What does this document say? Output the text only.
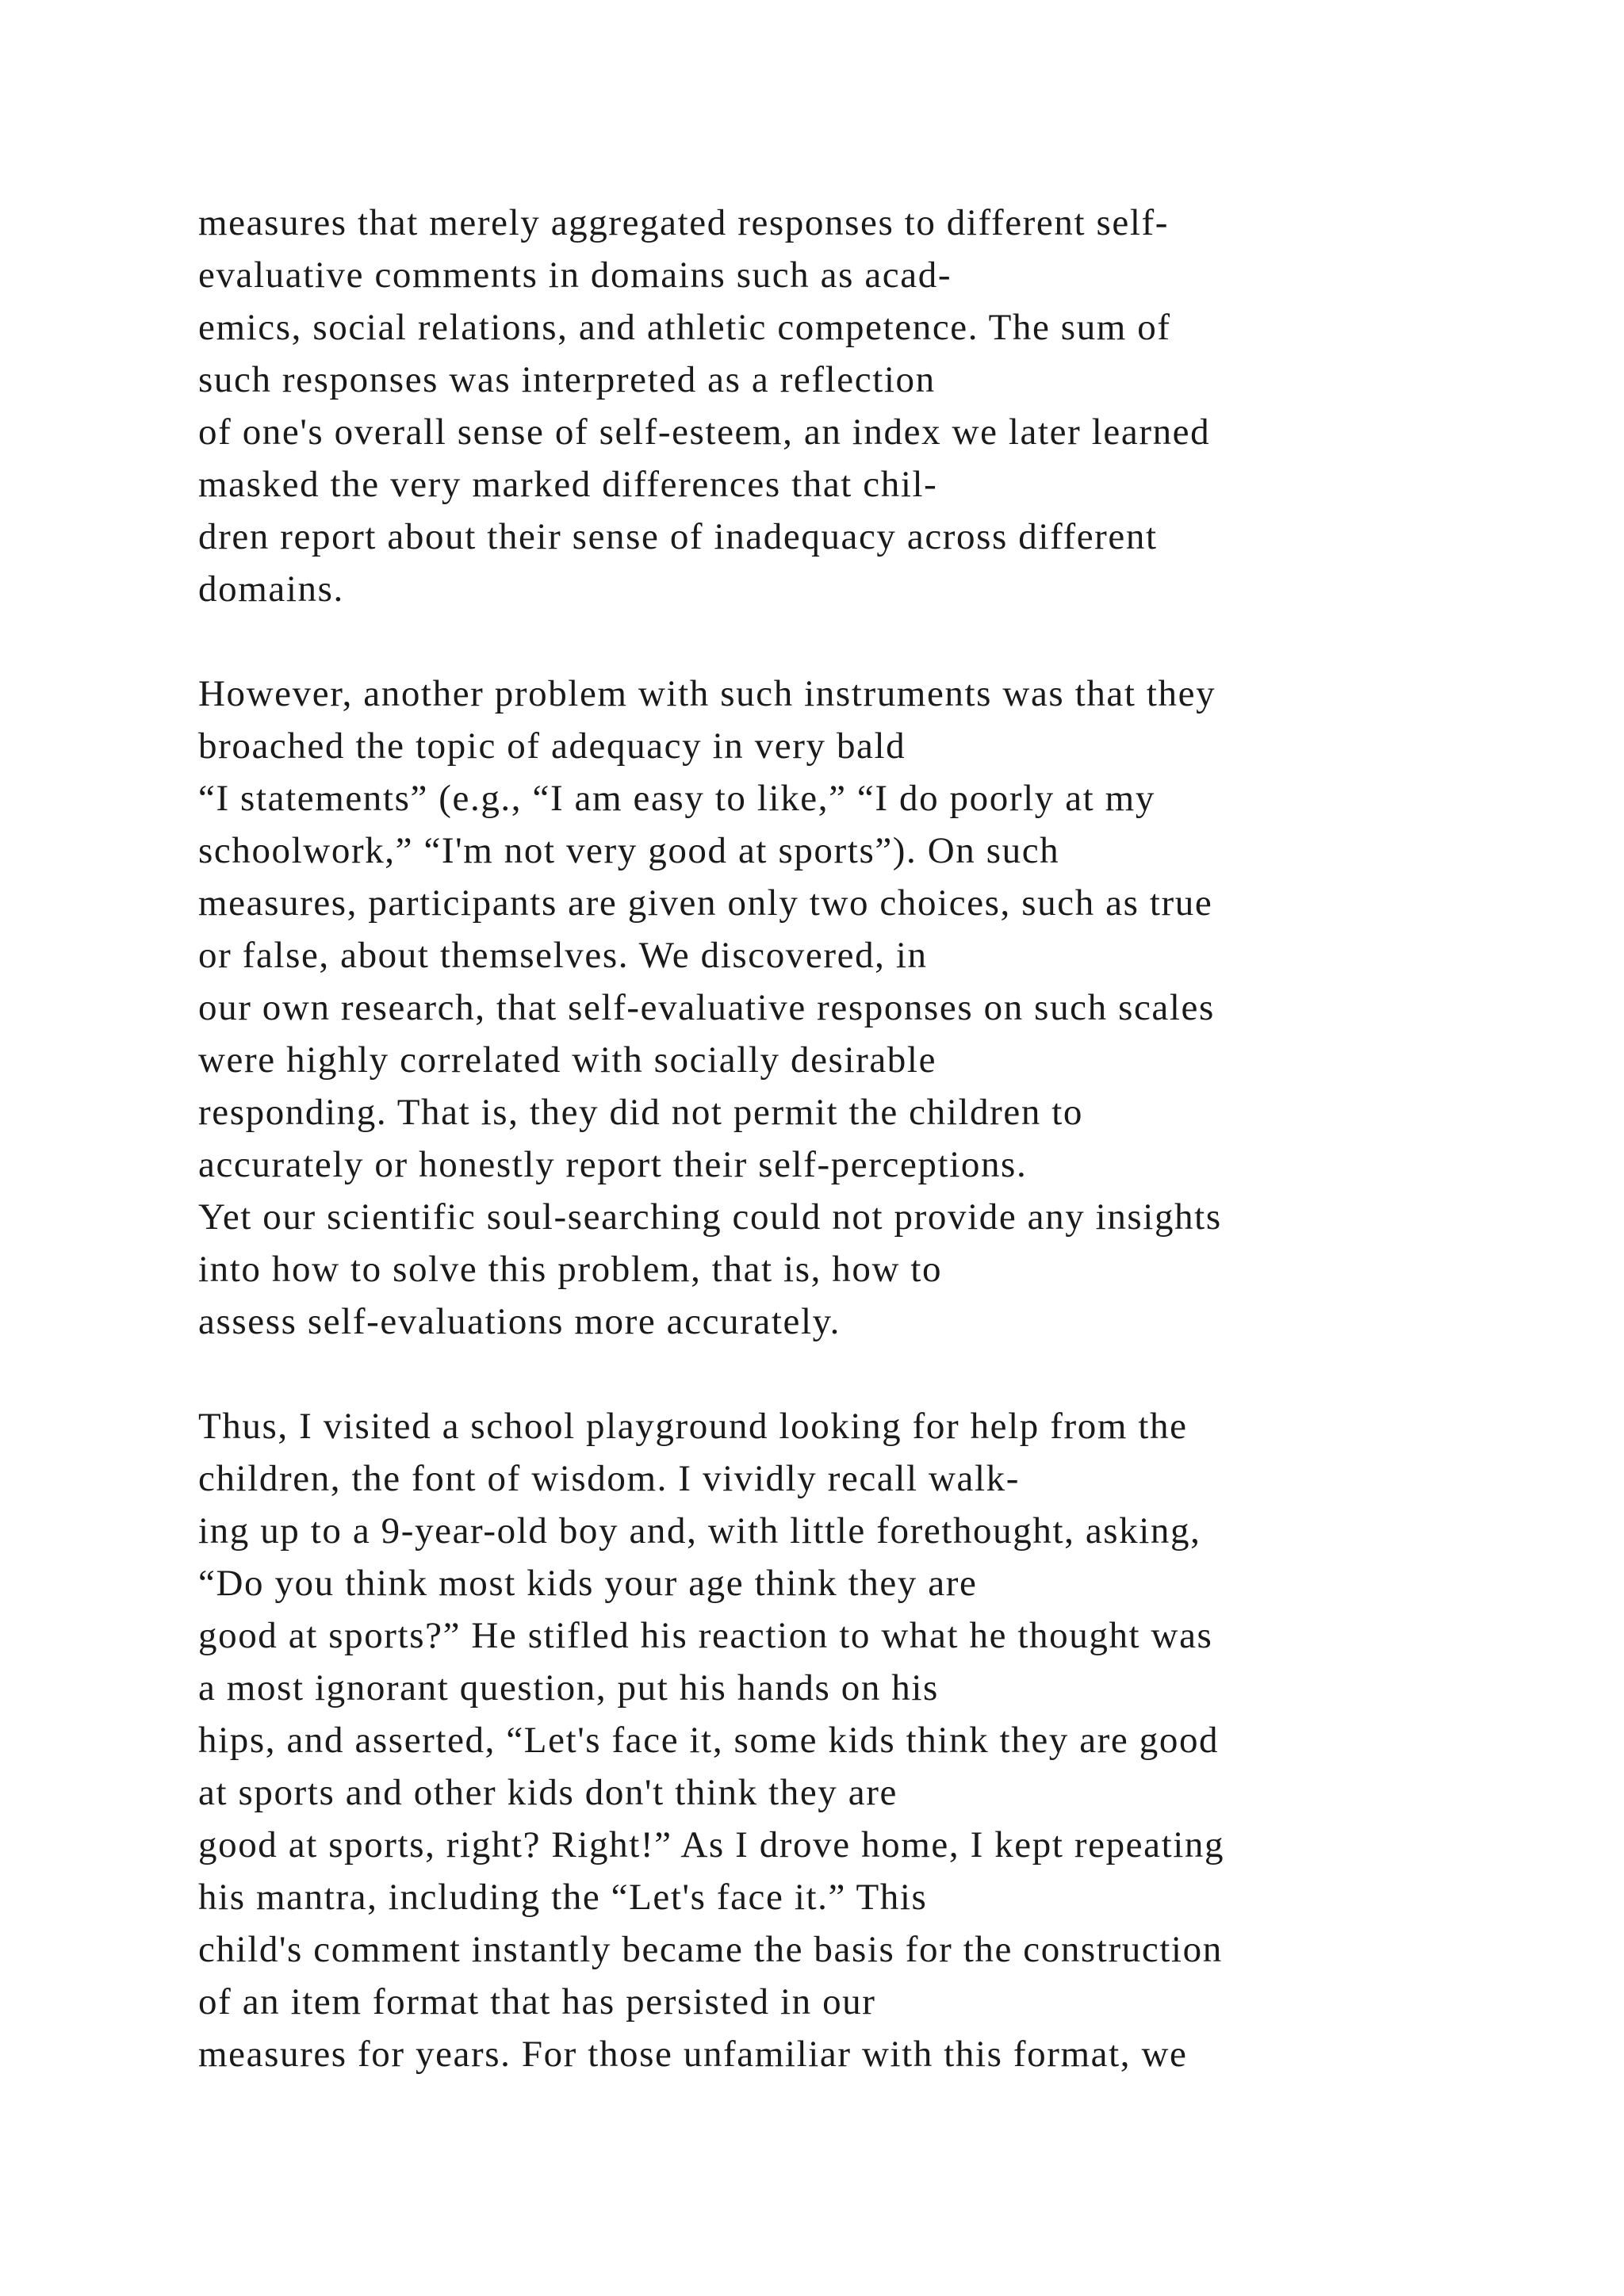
measures that merely aggregated responses to different self-
evaluative comments in domains such as acad-
emics, social relations, and athletic competence. The sum of
such responses was interpreted as a reflection
of one's overall sense of self-esteem, an index we later learned
masked the very marked differences that chil-
dren report about their sense of inadequacy across different
domains.
However, another problem with such instruments was that they
broached the topic of adequacy in very bald
“I statements” (e.g., “I am easy to like,” “I do poorly at my
schoolwork,” “I'm not very good at sports”). On such
measures, participants are given only two choices, such as true
or false, about themselves. We discovered, in
our own research, that self-evaluative responses on such scales
were highly correlated with socially desirable
responding. That is, they did not permit the children to
accurately or honestly report their self-perceptions.
Yet our scientific soul-searching could not provide any insights
into how to solve this problem, that is, how to
assess self-evaluations more accurately.
Thus, I visited a school playground looking for help from the
children, the font of wisdom. I vividly recall walk-
ing up to a 9-year-old boy and, with little forethought, asking,
“Do you think most kids your age think they are
good at sports?” He stifled his reaction to what he thought was
a most ignorant question, put his hands on his
hips, and asserted, “Let's face it, some kids think they are good
at sports and other kids don't think they are
good at sports, right? Right!” As I drove home, I kept repeating
his mantra, including the “Let's face it.” This
child's comment instantly became the basis for the construction
of an item format that has persisted in our
measures for years. For those unfamiliar with this format, we
